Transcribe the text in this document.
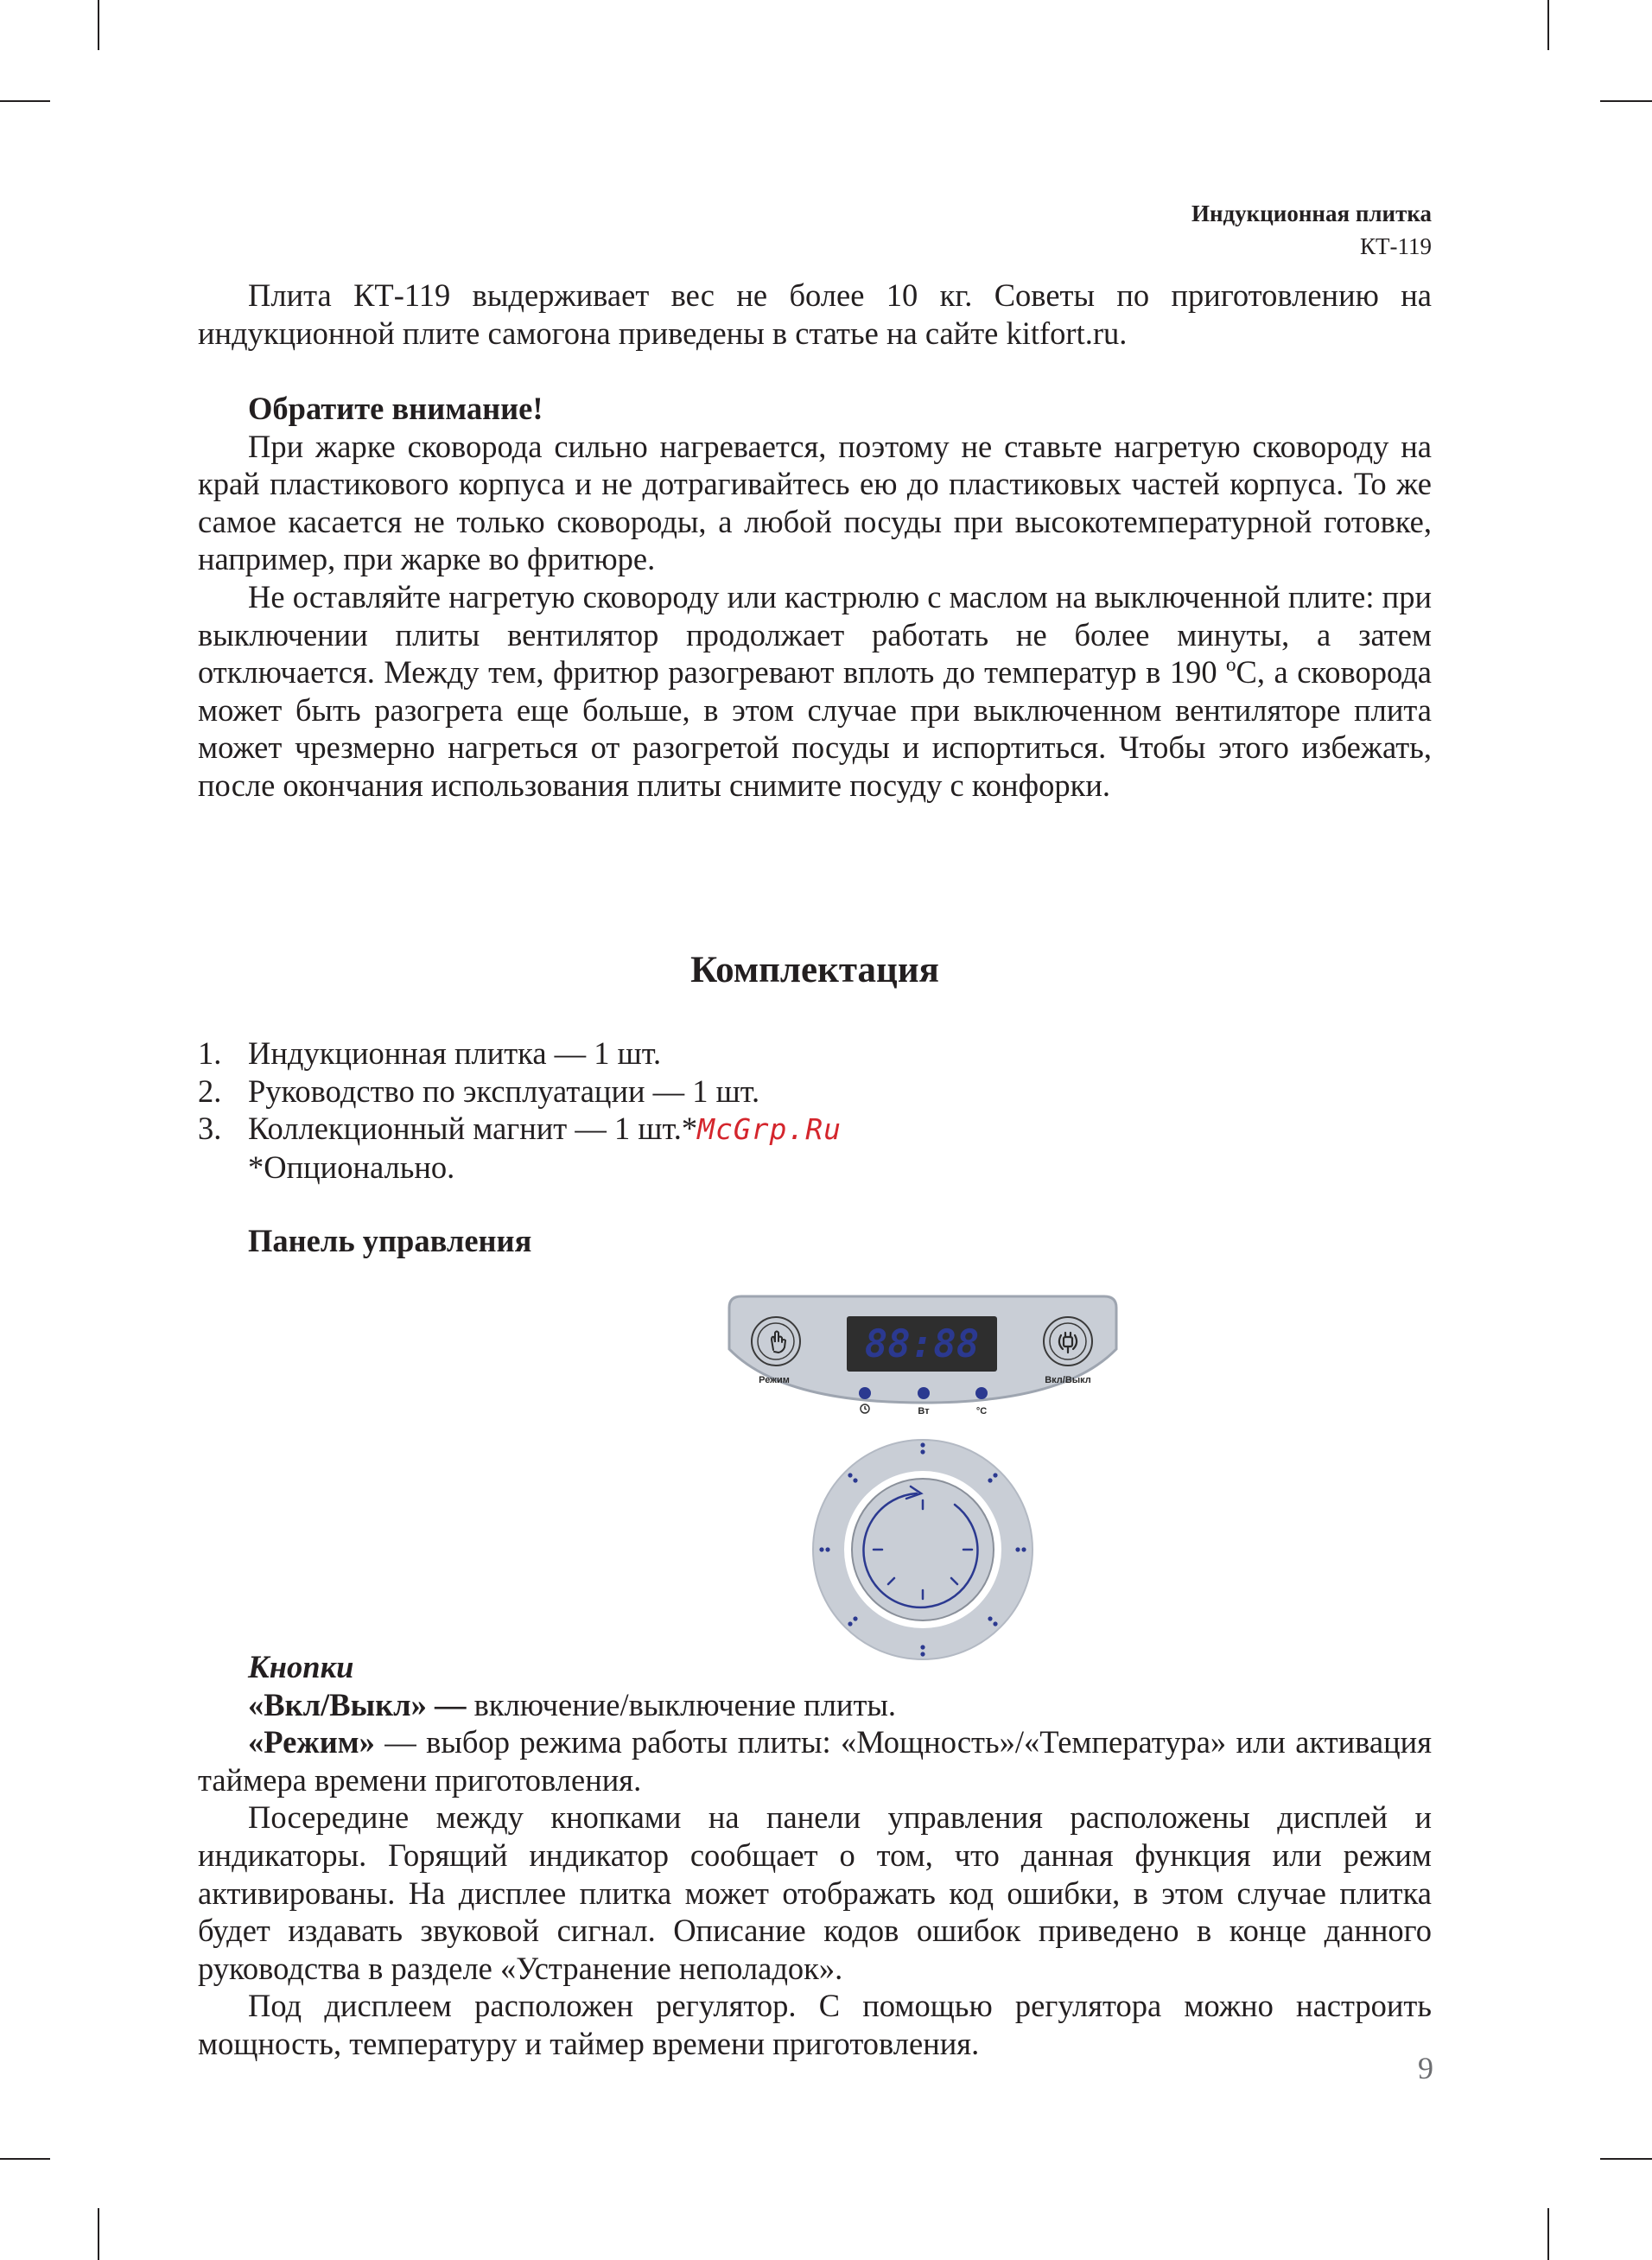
Индукционная плитка
КТ-119

Плита КТ-119 выдерживает вес не более 10 кг. Советы по приготовлению на индукционной плите самогона приведены в статье на сайте kitfort.ru.

Обратите внимание!

При жарке сковорода сильно нагревается, поэтому не ставьте нагретую сковороду на край пластикового корпуса и не дотрагивайтесь ею до пластиковых частей корпуса. То же самое касается не только сковороды, а любой посуды при высокотемпературной готовке, например, при жарке во фритюре.

Не оставляйте нагретую сковороду или кастрюлю с маслом на выключенной плите: при выключении плиты вентилятор продолжает работать не более минуты, а затем отключается. Между тем, фритюр разогревают вплоть до температур в 190 ºC, а сковорода может быть разогрета еще больше, в этом случае при выключенном вентиляторе плита может чрезмерно нагреться от разогретой посуды и испортиться. Чтобы этого избежать, после окончания использования плиты снимите посуду с конфорки.

Комплектация
1. Индукционная плитка — 1 шт.
2. Руководство по эксплуатации — 1 шт.
3. Коллекционный магнит — 1 шт.*McGrp.Ru
*Опционально.
Панель управления
Режим	Вкл/Выкл
88:88
Вт	°C

Кнопки

«Вкл/Выкл» — включение/выключение плиты.

«Режим» — выбор режима работы плиты: «Мощность»/«Температура» или активация таймера времени приготовления.

Посередине между кнопками на панели управления расположены дисплей и индикаторы. Горящий индикатор сообщает о том, что данная функция или режим активированы. На дисплее плитка может отображать код ошибки, в этом случае плитка будет издавать звуковой сигнал. Описание кодов ошибок приведено в конце данного руководства в разделе «Устранение неполадок».

Под дисплеем расположен регулятор. С помощью регулятора можно настроить мощность, температуру и таймер времени приготовления.

9
